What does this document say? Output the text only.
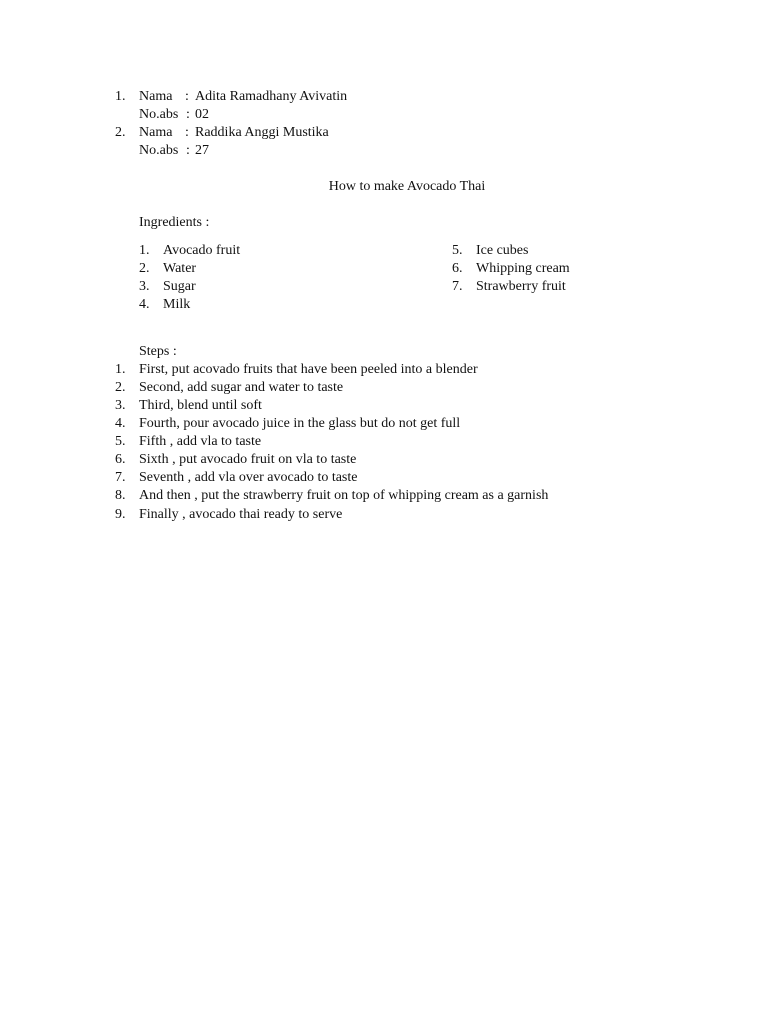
1. Nama : Adita Ramadhany Avivatin
No.abs : 02
2. Nama : Raddika Anggi Mustika
No.abs : 27
How to make Avocado Thai
Ingredients :
1. Avocado fruit
2. Water
3. Sugar
4. Milk
5. Ice cubes
6. Whipping cream
7. Strawberry fruit
Steps :
1. First, put acovado fruits that have been peeled into a blender
2. Second, add sugar and water to taste
3. Third, blend until soft
4. Fourth, pour avocado juice in the glass but do not get full
5. Fifth , add vla to taste
6. Sixth , put avocado fruit on vla to taste
7. Seventh , add vla over avocado to taste
8. And then , put the strawberry fruit on top of whipping cream as a garnish
9. Finally , avocado thai ready to serve
